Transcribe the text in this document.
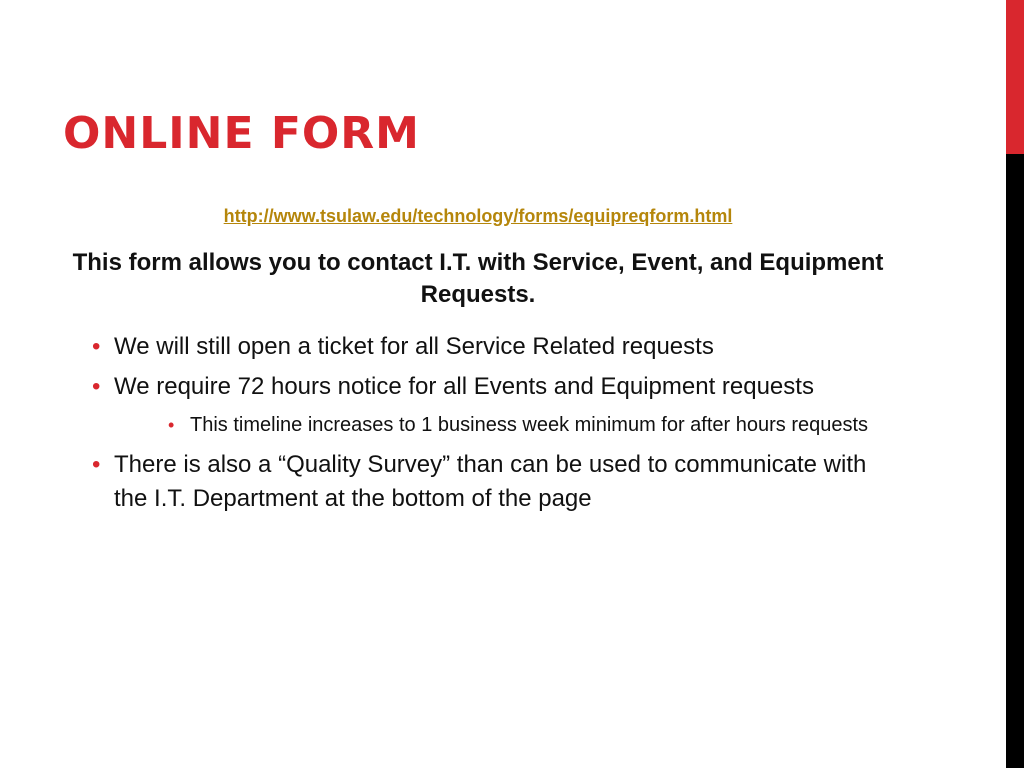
ONLINE FORM
http://www.tsulaw.edu/technology/forms/equipreqform.html

This form allows you to contact I.T. with Service, Event, and Equipment Requests.

• We will still open a ticket for all Service Related requests
• We require 72 hours notice for all Events and Equipment requests
• This timeline increases to 1 business week minimum for after hours requests
• There is also a “Quality Survey” than can be used to communicate with the I.T. Department at the bottom of the page
